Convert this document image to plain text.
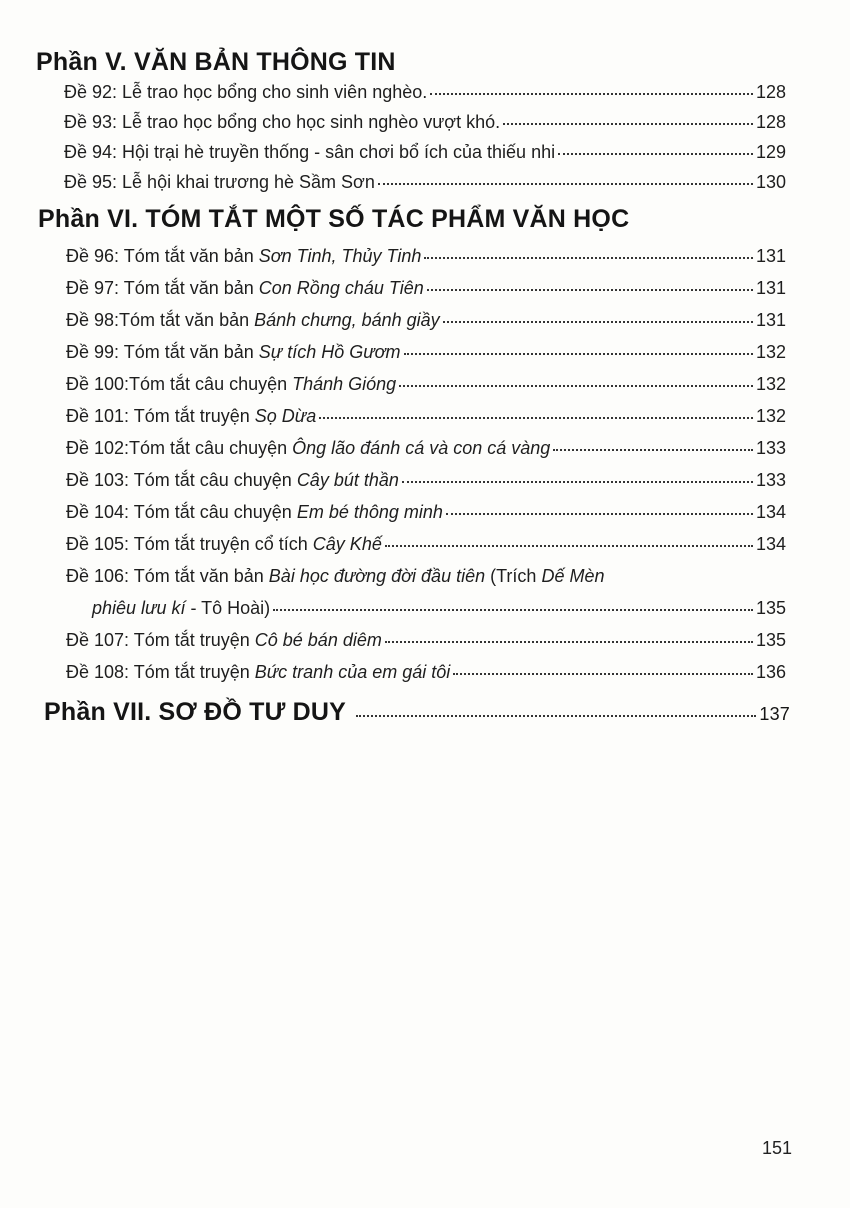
Phần V. VĂN BẢN THÔNG TIN
Đề 92: Lễ trao học bổng cho sinh viên nghèo.	128
Đề 93: Lễ trao học bổng cho học sinh nghèo vượt khó.	128
Đề 94: Hội trại hè truyền thống - sân chơi bổ ích của thiếu nhi	129
Đề 95: Lễ hội khai trương hè Sầm Sơn	130
Phần VI. TÓM TẮT MỘT SỐ TÁC PHẨM VĂN HỌC
Đề 96: Tóm tắt văn bản Sơn Tinh, Thủy Tinh	131
Đề 97: Tóm tắt văn bản Con Rồng cháu Tiên	131
Đề 98:Tóm tắt văn bản Bánh chưng, bánh giầy	131
Đề 99: Tóm tắt văn bản Sự tích Hồ Gươm	132
Đề 100:Tóm tắt câu chuyện Thánh Gióng	132
Đề 101: Tóm tắt truyện Sọ Dừa	132
Đề 102:Tóm tắt câu chuyện Ông lão đánh cá và con cá vàng	133
Đề 103: Tóm tắt câu chuyện Cây bút thần	133
Đề 104: Tóm tắt câu chuyện Em bé thông minh	134
Đề 105: Tóm tắt truyện cổ tích Cây Khế	134
Đề 106: Tóm tắt văn bản Bài học đường đời đầu tiên (Trích Dế Mèn
phiêu lưu kí - Tô Hoài)	135
Đề 107: Tóm tắt truyện Cô bé bán diêm	135
Đề 108: Tóm tắt truyện Bức tranh của em gái tôi	136
Phần VII. SƠ ĐỒ TƯ DUY	137
151
